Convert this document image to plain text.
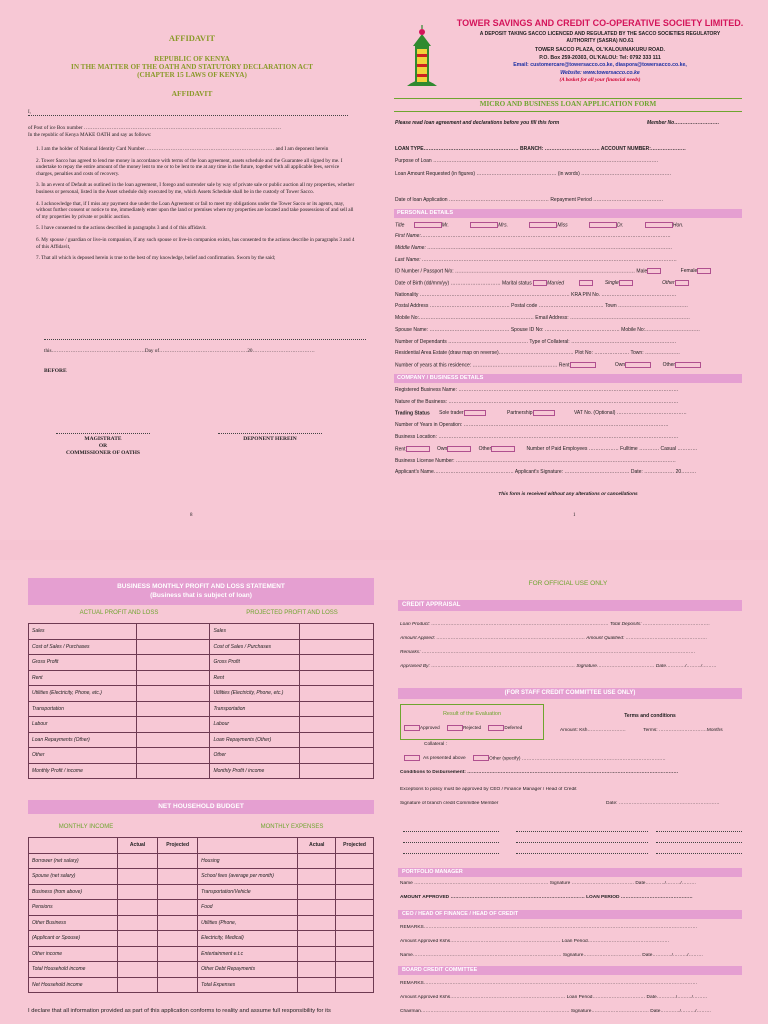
AFFIDAVIT
REPUBLIC OF KENYA
IN THE MATTER OF THE OATH AND STATUTORY DECLARATION ACT
(CHAPTER 15 LAWS OF KENYA)
AFFIDAVIT
I,
of Post of ice Box number ……………………………………………………………………………………………………
In the republic of Kenya MAKE OATH and say as follows:

1. I am the holder of National Identity Card Number………………………………………………………………… and I am deponent herein

2. Tower Sacco has agreed to lend me money in accordance with terms of the loan agreement, assets schedule and the Guarantee all signed by me. I undertake to repay the entire amount of the money lent to me or to be lent to me at any time in the future, together with all applicable fees, service charges, penalties and costs of recovery.

3. In an event of Default as outlined in the loan agreement, I forego and surrender sale by way of private sale or public auction all my properties, whether business or personal, listed in the Asset schedule duly executed by me, which Assets Schedule shall be in the custody of Tower Sacco.

4. I acknowledge that, if I miss any payment due under the Loan Agreement or fail to meet my obligations under the Tower Sacco or its agents, may, without further consent or notice to me, immediately enter upon the land or premises where my properties are located and take possessions of and sell all of my properties by private or public auction.

5. I have consented to the actions described in paragraphs 3 and 4 of this affidavit.

6. My spouse / guardian or live-in companion, if any such spouse or live-in companion exists, has consented to the actions describe in paragraphs 3 and 4 of this Affidavit,

7. That all which is deposed herein is true to the best of my knowledge, belief and confirmation. Sworn by the said;

this………………………………………………Day of……………………………………………20………………………………
BEFORE
MAGISTRATE
OR
COMMISSIONER OF OATHS
DEPONENT HEREIN
8
TOWER SAVINGS AND CREDIT CO-OPERATIVE SOCIETY LIMITED.
A DEPOSIT TAKING SACCO LICENCED AND REGULATED BY THE SACCO SOCIETIES REGULATORY
AUTHORITY (SASRA) NO.61
TOWER SACCO PLAZA, OL'KALOU/NAKURU ROAD.
P.O. Box 259-20303, OL'KALOU: Tel: 0792 333 111
Email: customercare@towersacco.co.ke, diaspora@towersacco.co.ke,
Website: www.towersacco.co.ke
(A basket for all your financial needs)
MICRO AND BUSINESS LOAN APPLICATION FORM
Please read loan agreement and declarations before you fill this form	Member No………………………
LOAN TYPE………………………………………………… BRANCH: …………………………… ACCOUNT NUMBER:…………………
Purpose of Loan ………………………………………………………………………………………………………………………
Loan Amount Requested (in figures) ………………………………………… (in words) ………………………………………………
Date of loan Application …………………………………………………… Repayment Period ……………………………………
PERSONAL DETAILS
Title	Mr.	Mrs.	Miss	Dr.	Hon.
First Name:……………………………………………………………………………………………………………………………………
Middle Name: …………………………………………………………………………………………………………………………………
Last Name: ………………………………………………………………………………………………………………………………………
ID Number / Passport N/o: ……………………………………………………………………………………………… Male	Female
Date of Birth (dd/mm/yy) ………………………… Marital status	Married	Single	Other
Nationality ……………………………………………………………………………… KRA PIN No. ………………………………………
Postal Address ………………………………………… Postal code ………………………………… Town ……………………………………
Mobile No:…………………………………………………………… Email Address: ………………………………………………………………
Spouse Name: ………………………………………… Spouse ID No: ……………………………………… Mobile No:……………………………
Number of Dependants ………………………………………… Type of Collateral: ………………………………………………………
Residential Area Estate (draw map on reverse)……………………………………… Plot No: ………………… Town: …………………
Number of years at this residence: …………………………………………… Rent	Own	Other
COMPANY / BUSINESS DETAILS
Registered Business Name: ……………………………………………………………………………………………………………………
Nature of the Business: …………………………………………………………………………………………………………………………
Trading Status Sole trader	Partnership	VAT No. (Optional) ……………………………………
Number of Years in Operation: ……………………………………………………………………………………………………………
Business Location: ………………………………………………………………………………………………………………………………
Rent	Own	Other	Number of Paid Employees ……………… Fulltime ………… Casual …………
Business License Number: ……………………………………………………………………………………………………………………
Applicant's Name………………………………………… Applicant's Signature: ………………………………… Date: ……………… 20………
This form is received without any alterations or cancellations
1
BUSINESS MONTHLY PROFIT AND LOSS STATEMENT
(Business that is subject of loan)
ACTUAL PROFIT AND LOSS	PROJECTED PROFIT AND LOSS
Sales		Sales	
Cost of Sales / Purchases		Cost of Sales / Purchases	
Gross Profit		Gross Profit	
Rent		Rent	
Utilities (Electricity, Phone, etc.)		Utilities (Electricity, Phone, etc.)	
Transportation		Transportation	
Labour		Labour	
Loan Repayments (Other)		Loan Repayments (Other)	
Other		Other	
Monthly Profit / income		Monthly Profit / income	
NET HOUSEHOLD BUDGET
MONTHLY INCOME	MONTHLY EXPENSES
	Actual	Projected		Actual	Projected
Borrower (net salary)			Housing		
Spouse (net salary)			School fees (average per month)		
Business (from above)			Transportation/Vehicle		
Pensions			Food		
Other Business			Utilities (Phone,		
(Applicant or Spouse)			Electricity, Medical)		
Other income			Entertainment e.t.c		
Total Household income			Other Debt Repayments		
Net Household income			Total Expenses		
I declare that all information provided as part of this application conforms to reality and assume full responsibility for its
FOR OFFICIAL USE ONLY
CREDIT APPRAISAL
Loan Product: ………………………………………………………………………………………………… Total Deposits: ……………………………………
Amount Applied: ………………………………………………………………………………… Amount Qualified: ……………………………………………
Remarks: ………………………………………………………………………………………………………………………………………………………
Appraised By: ……………………………………………………………………………… Signature……………………………… Date…………/………/………
(FOR STAFF CREDIT COMMITTEE USE ONLY)
Result of the Evaluation
Approved	Rejected	Deferred
Terms and conditions
Amount: Ksh……………………	Terms: …………………………Months
Collateral :
As presented above	Other (specify) ………………………………………………………………………………
Conditions to Disbursement: ……………………………………………………………………………………………………………………
Exceptions to policy must be approved by CEO / Finance Manager / Head of Credit
Signature of branch credit Committee Member	Date: ………………………………………………………
PORTFOLIO MANAGER
Name ………………………………………………………………………… Signature ………………………………… Date…………/………/………
AMOUNT APPROVED ………………………………………………………………………… LOAN PERIOD ………………………………………
CEO / HEAD OF FINANCE / HEAD OF CREDIT
REMARKS………………………………………………………………………………………………………………………………………………………
Amount Approved Kshs…………………………………………………………… Loan Period……………………………………………
Name………………………………………………………………………………… Signature……………………………… Date…………/………/………
BOARD CREDIT COMMITTEE
REMARKS………………………………………………………………………………………………………………………………………………………
Amount Approved Kshs……………………………………………………………… Loan Period…………………………… Date…………/………/………
Chairman………………………………………………………………………………… Signature……………………………… Date…………/………/………
